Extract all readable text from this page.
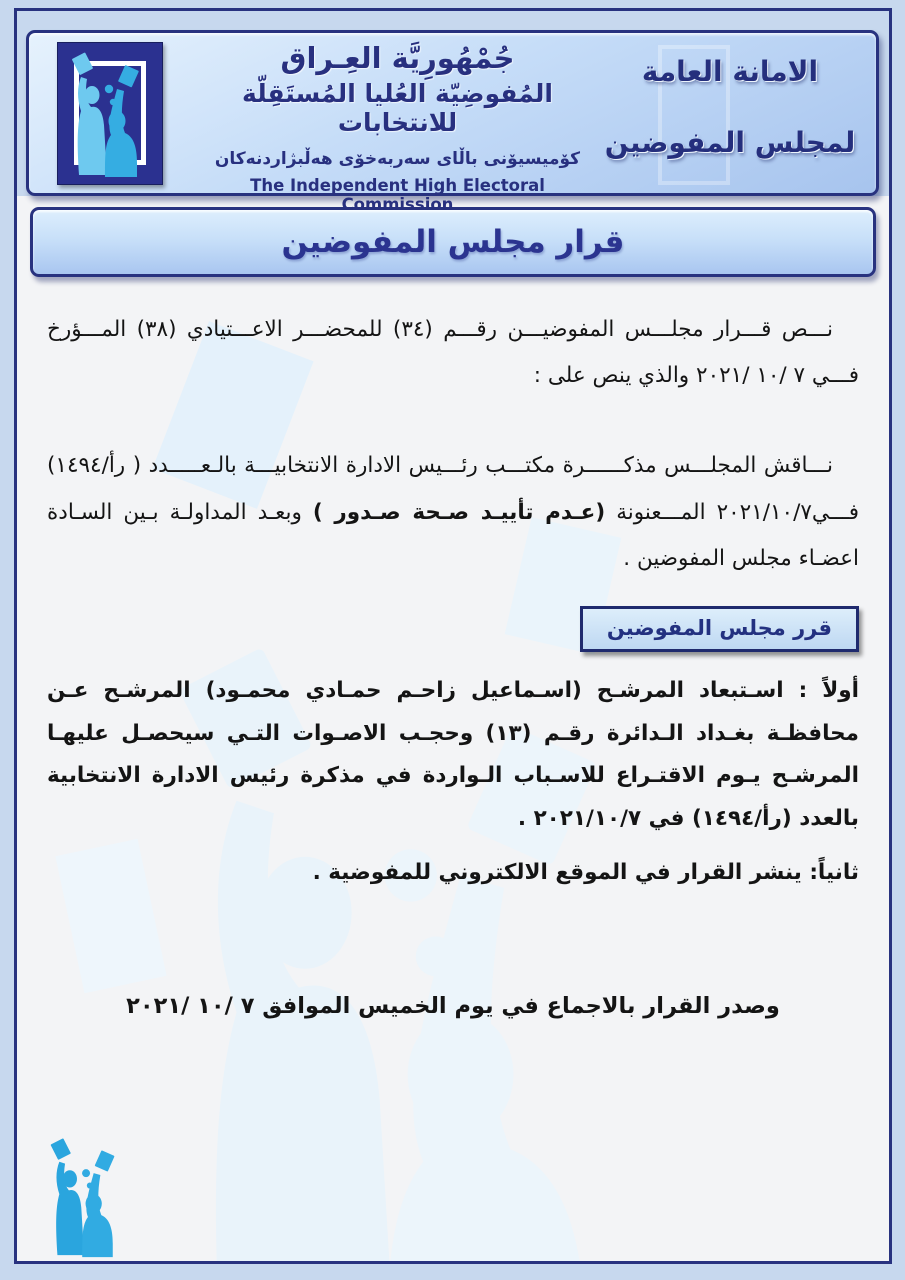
جُمْهُورِيَّة العِـراق
المُفوضِيّة العُليا المُستَقِلّة للانتخابات
كۆميسيۆنی باڵای سەربەخۆی هەڵبژاردنەكان
The Independent High Electoral Commission
الامانة العامة
لمجلس المفوضين
قرار مجلس المفوضين

نـــص قـــرار مجلـــس المفوضيـــن رقـــم (٣٤) للمحضـــر الاعـــتيادي (٣٨) المـــؤرخ فـــي ٧ /١٠ /٢٠٢١ والذي ينص على :

نـــاقش المجلـــس مذكــــــرة مكتـــب رئـــيس الادارة الانتخابيـــة بالـعـــــدد ( رأ/١٤٩٤) فـــي٢٠٢١/١٠/٧ المـــعنونة (عـدم تأييـد صـحة صـدور ) وبعـد المداولـة بـين السـادة اعضـاء مجلس المفوضين .

قرر مجلس المفوضين

أولاً : اسـتبعاد المرشـح (اسـماعيل زاحـم حمـادي محمـود) المرشـح عـن محافظـة بغـداد الـدائرة رقـم (١٣) وحجـب الاصـوات التـي سيحصـل عليهـا المرشـح يـوم الاقتـراع للاسـباب الـواردة في مذكرة رئيس الادارة الانتخابية بالعدد (رأ/١٤٩٤) في ٢٠٢١/١٠/٧ .

ثانياً: ينشر القرار في الموقع الالكتروني للمفوضية .

وصدر القرار بالاجماع في يوم الخميس الموافق ٧ /١٠ /٢٠٢١
